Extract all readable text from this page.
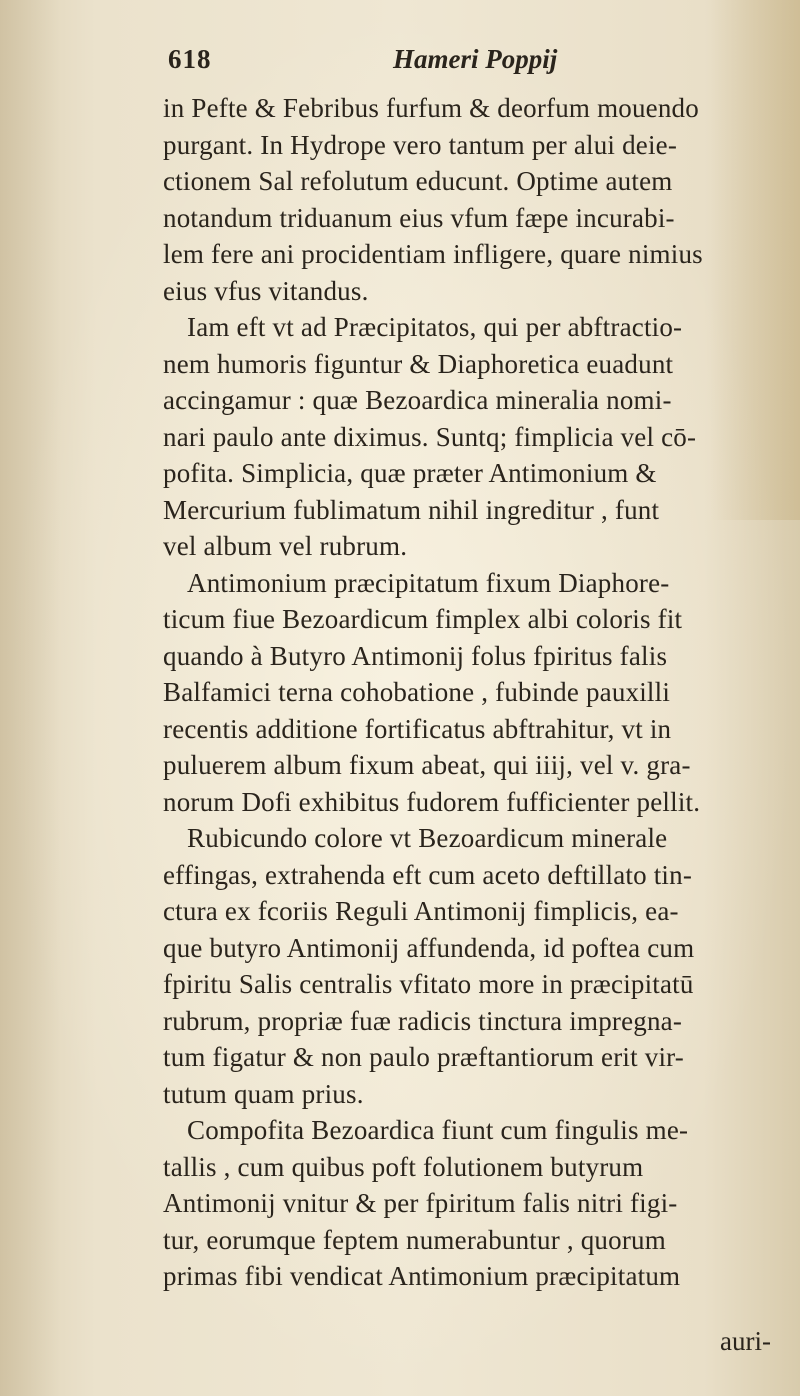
618	Hameri Poppij
in Pefte & Febribus furfum & deorfum mouendo
purgant. In Hydrope vero tantum per alui deie-
ctionem Sal refolutum educunt. Optime autem
notandum triduanum eius vfum fæpe incurabi-
lem fere ani procidentiam infligere, quare nimius
eius vfus vitandus.
Iam eft vt ad Præcipitatos, qui per abftractio-
nem humoris figuntur & Diaphoretica euadunt
accingamur : quæ Bezoardica mineralia nomi-
nari paulo ante diximus. Suntq; fimplicia vel cō-
pofita. Simplicia, quæ præter Antimonium &
Mercurium fublimatum nihil ingreditur , funt
vel album vel rubrum.
Antimonium præcipitatum fixum Diaphore-
ticum fiue Bezoardicum fimplex albi coloris fit
quando à Butyro Antimonij folus fpiritus falis
Balfamici terna cohobatione , fubinde pauxilli
recentis additione fortificatus abftrahitur, vt in
puluerem album fixum abeat, qui iiij, vel v. gra-
norum Dofi exhibitus fudorem fufficienter pellit.
Rubicundo colore vt Bezoardicum minerale
effingas, extrahenda eft cum aceto deftillato tin-
ctura ex fcoriis Reguli Antimonij fimplicis, ea-
que butyro Antimonij affundenda, id poftea cum
fpiritu Salis centralis vfitato more in præcipitatū
rubrum, propriæ fuæ radicis tinctura impregna-
tum figatur & non paulo præftantiorum erit vir-
tutum quam prius.
Compofita Bezoardica fiunt cum fingulis me-
tallis , cum quibus poft folutionem butyrum
Antimonij vnitur & per fpiritum falis nitri figi-
tur, eorumque feptem numerabuntur , quorum
primas fibi vendicat Antimonium præcipitatum
auri-
